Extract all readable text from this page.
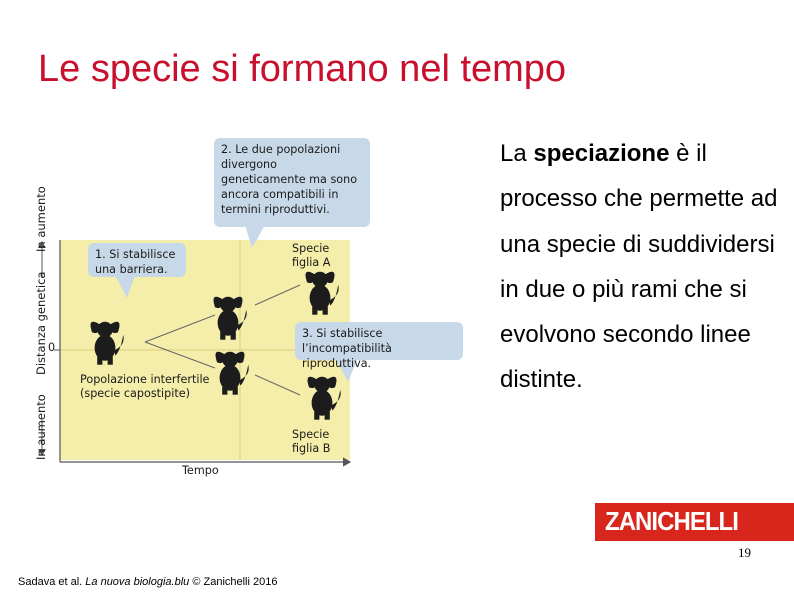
Le specie si formano nel tempo
1. Si stabilisce una barriera.
2. Le due popolazioni divergono geneticamente ma sono ancora compatibili in termini riproduttivi.
3. Si stabilisce l’incompatibilità riproduttiva.
Specie
figlia A
Specie
figlia B
Popolazione interfertile (specie capostipite)
Tempo
0
In aumento
Distanza genetica
In aumento
La speciazione è il processo che permette ad una specie di suddividersi in due o più rami che si evolvono secondo linee distinte.
ZANICHELLI
19
Sadava et al. La nuova biologia.blu © Zanichelli 2016
